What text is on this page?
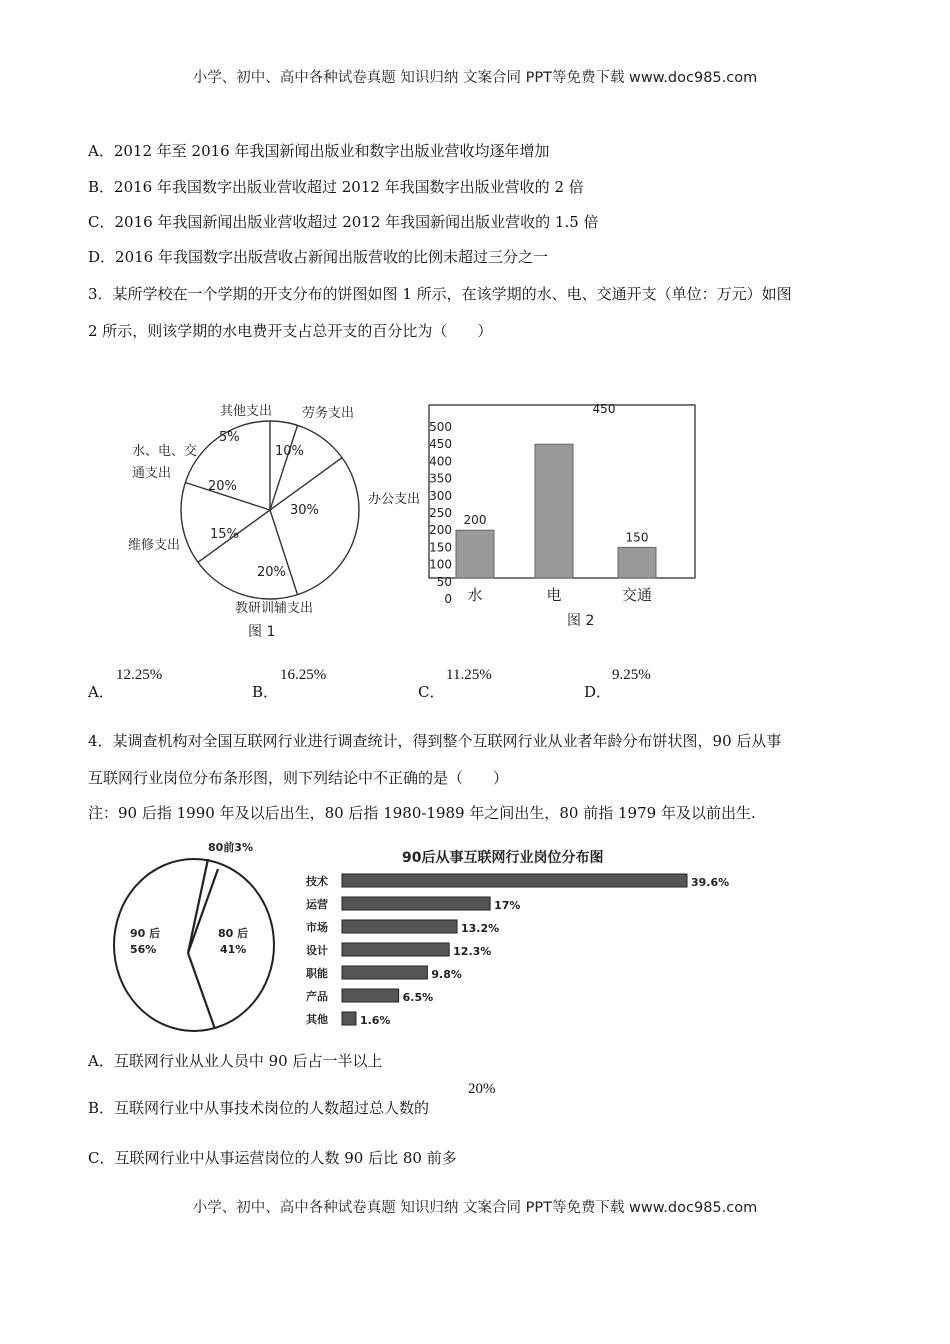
小学、初中、高中各种试卷真题 知识归纳 文案合同 PPT等免费下载 www.doc985.com
A．2012 年至 2016 年我国新闻出版业和数字出版业营收均逐年增加
B．2016 年我国数字出版业营收超过 2012 年我国数字出版业营收的 2 倍
C．2016 年我国新闻出版业营收超过 2012 年我国新闻出版业营收的 1.5 倍
D．2016 年我国数字出版营收占新闻出版营收的比例未超过三分之一
3．某所学校在一个学期的开支分布的饼图如图 1 所示，在该学期的水、电、交通开支（单位：万元）如图
2 所示，则该学期的水电费开支占总开支的百分比为（　　）
其他支出 劳务支出
水、电、交
通支出
维修支出
教研训辅支出
5%
10%
20%
15%
20%
30%
图 1
办公支出
500
450
400
350
300
250
200
150
100
50
0
200
水
450
电
150
交通
图 2
A．
12.25%
B．
16.25%
C．
11.25%
D．
9.25%
4．某调查机构对全国互联网行业进行调查统计，得到整个互联网行业从业者年龄分布饼状图，90 后从事
互联网行业岗位分布条形图，则下列结论中不正确的是（　　）
注：90 后指 1990 年及以后出生，80 后指 1980-1989 年之间出生，80 前指 1979 年及以前出生.
80前3%
90 后
56%
80 后
41%
90后从事互联网行业岗位分布图
技术	39.6%
运营	17%
市场	13.2%
设计	12.3%
职能	9.8%
产品	6.5%
其他	1.6%
A．互联网行业从业人员中 90 后占一半以上
B．互联网行业中从事技术岗位的人数超过总人数的
20%
C．互联网行业中从事运营岗位的人数 90 后比 80 前多
小学、初中、高中各种试卷真题 知识归纳 文案合同 PPT等免费下载 www.doc985.com
